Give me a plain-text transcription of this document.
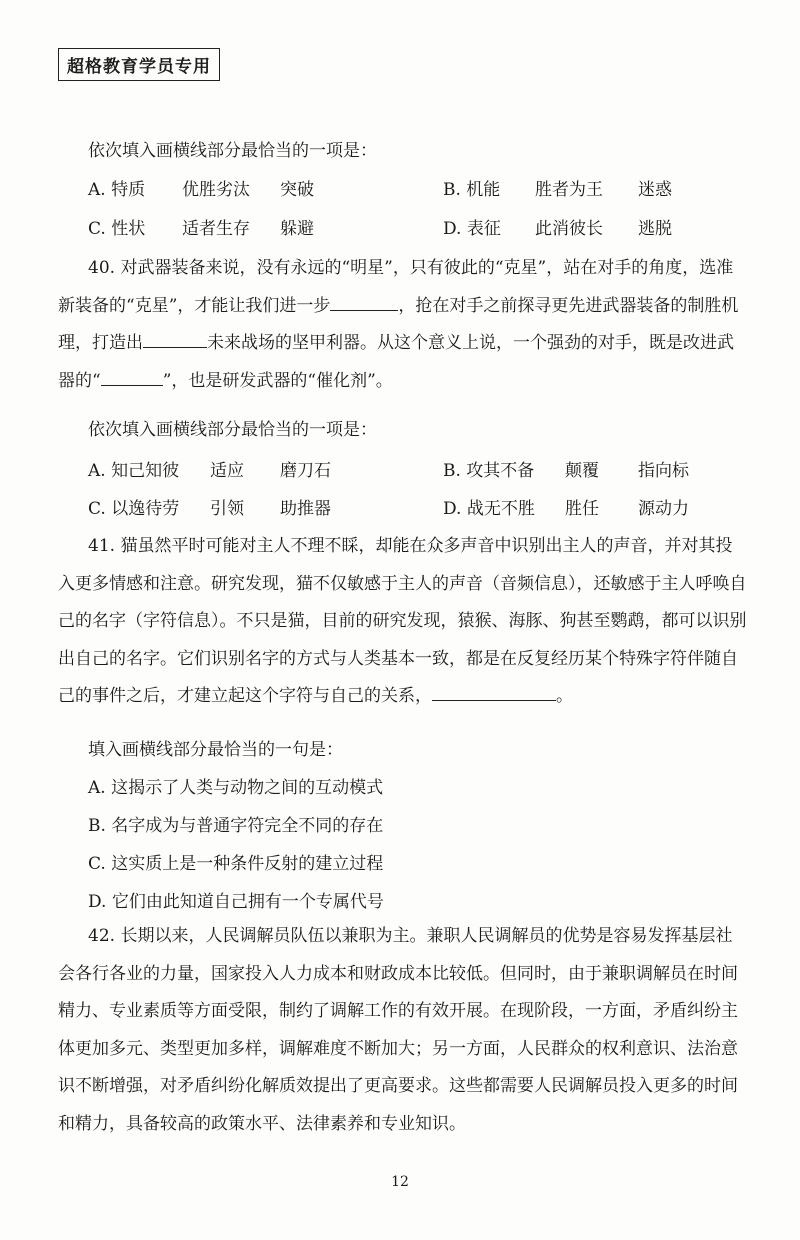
超格教育学员专用
依次填入画横线部分最恰当的一项是：
A. 特质 优胜劣汰 突破	B. 机能 胜者为王 迷惑
C. 性状 适者生存 躲避	D. 表征 此消彼长 逃脱
40. 对武器装备来说，没有永远的“明星”，只有彼此的“克星”，站在对手的角度，选准新装备的“克星”，才能让我们进一步	，抢在对手之前探寻更先进武器装备的制胜机理，打造出	未来战场的坚甲利器。从这个意义上说，一个强劲的对手，既是改进武器的“	”，也是研发武器的“催化剂”。
依次填入画横线部分最恰当的一项是：
A. 知己知彼 适应 磨刀石	B. 攻其不备 颠覆 指向标
C. 以逸待劳 引领 助推器	D. 战无不胜 胜任 源动力
41. 猫虽然平时可能对主人不理不睬，却能在众多声音中识别出主人的声音，并对其投入更多情感和注意。研究发现，猫不仅敏感于主人的声音（音频信息），还敏感于主人呼唤自己的名字（字符信息）。不只是猫，目前的研究发现，猿猴、海豚、狗甚至鹦鹉，都可以识别出自己的名字。它们识别名字的方式与人类基本一致，都是在反复经历某个特殊字符伴随自己的事件之后，才建立起这个字符与自己的关系，	。
填入画横线部分最恰当的一句是：
A. 这揭示了人类与动物之间的互动模式
B. 名字成为与普通字符完全不同的存在
C. 这实质上是一种条件反射的建立过程
D. 它们由此知道自己拥有一个专属代号
42. 长期以来，人民调解员队伍以兼职为主。兼职人民调解员的优势是容易发挥基层社会各行各业的力量，国家投入人力成本和财政成本比较低。但同时，由于兼职调解员在时间精力、专业素质等方面受限，制约了调解工作的有效开展。在现阶段，一方面，矛盾纠纷主体更加多元、类型更加多样，调解难度不断加大；另一方面，人民群众的权利意识、法治意识不断增强，对矛盾纠纷化解质效提出了更高要求。这些都需要人民调解员投入更多的时间和精力，具备较高的政策水平、法律素养和专业知识。
12
